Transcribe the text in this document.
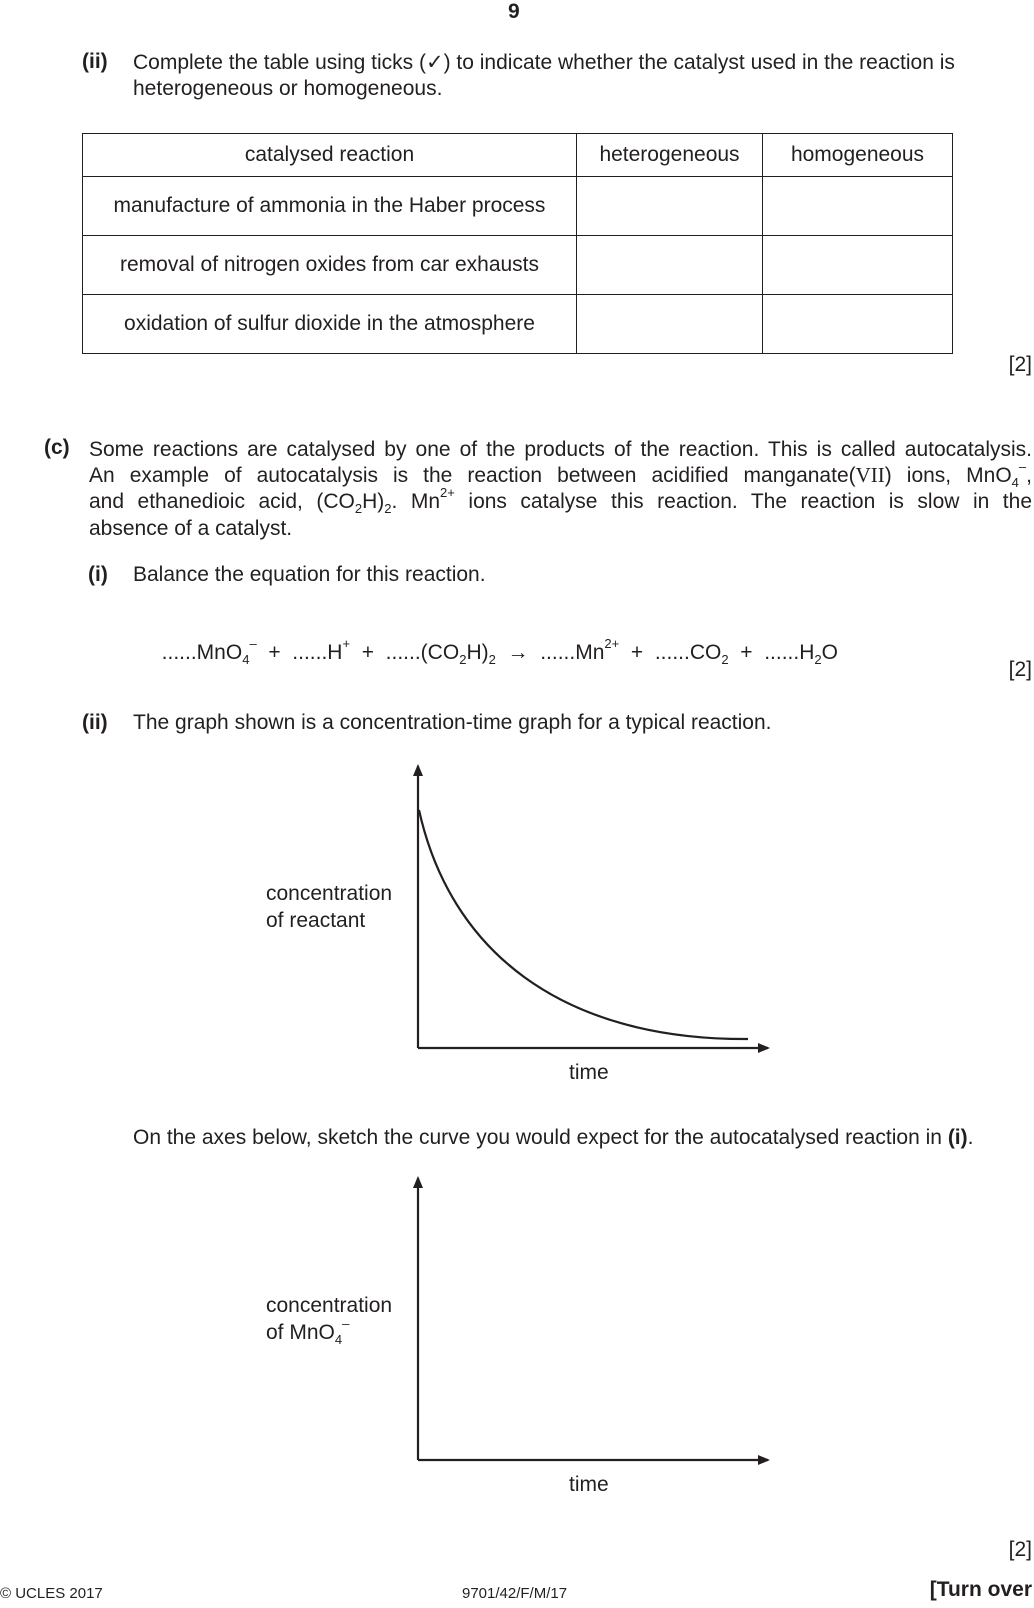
9
(ii) Complete the table using ticks (✓) to indicate whether the catalyst used in the reaction is
heterogeneous or homogeneous.
catalysed reaction	heterogeneous	homogeneous
manufacture of ammonia in the Haber process		
removal of nitrogen oxides from car exhausts		
oxidation of sulfur dioxide in the atmosphere		
[2]
(c) Some reactions are catalysed by one of the products of the reaction. This is called autocatalysis.
An example of autocatalysis is the reaction between acidified manganate(VII) ions, MnO$_4$–,
and ethanedioic acid, $(CO_2H)_2$. $Mn^{2+}$ ions catalyse this reaction. The reaction is slow in the
absence of a catalyst.
(i) Balance the equation for this reaction.

$......MnO_4^- + ......H^+ + ......(CO_2H)_2 \to ......Mn^{2+} + ......CO_2 + ......H_2O$

[2]
(ii) The graph shown is a concentration-time graph for a typical reaction.
concentration
of reactant
time
On the axes below, sketch the curve you would expect for the autocatalysed reaction in (i).
concentration
of MnO$_4$–
time
[2]
© UCLES 2017	9701/42/F/M/17	[Turn over
